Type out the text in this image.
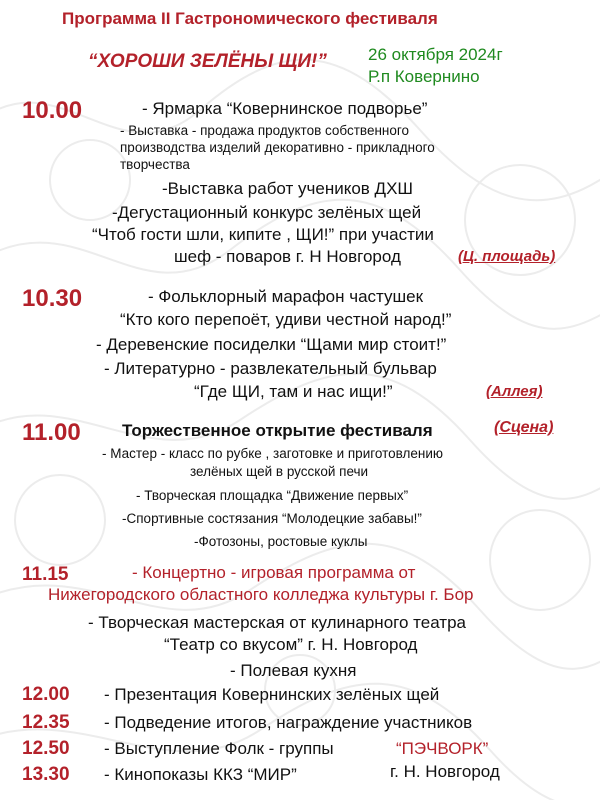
Программа II Гастрономического фестиваля
“ХОРОШИ ЗЕЛЁНЫ ЩИ!” 26 октября 2024г
Р.п Ковернино
10.00	- Ярмарка “Ковернинское подворье”
- Выставка - продажа продуктов собственного
производства изделий декоративно - прикладного
творчества
-Выставка работ учеников ДХШ
-Дегустационный конкурс зелёных щей
“Чтоб гости шли, кипите , ЩИ!” при участии
шеф - поваров г. Н Новгород	(Ц. площадь)
10.30	- Фольклорный марафон частушек
“Кто кого перепоёт, удиви честной народ!”
- Деревенские посиделки “Щами мир стоит!”
- Литературно - развлекательный бульвар
“Где ЩИ, там и нас ищи!”	(Аллея)
11.00 Торжественное открытие фестиваля	(Сцена)
- Мастер - класс по рубке , заготовке и приготовлению
зелёных щей в русской печи
- Творческая площадка “Движение первых”
-Спортивные состязания “Молодецкие забавы!”
-Фотозоны, ростовые куклы
11.15	- Концертно - игровая программа от
Нижегородского областного колледжа культуры г. Бор
- Творческая мастерская от кулинарного театра
“Театр со вкусом” г. Н. Новгород
- Полевая кухня
12.00 - Презентация Ковернинских зелёных щей
12.35 - Подведение итогов, награждение участников
12.50 - Выступление Фолк - группы	“ПЭЧВОРК”
13.30 - Кинопоказы ККЗ “МИР”	г. Н. Новгород
